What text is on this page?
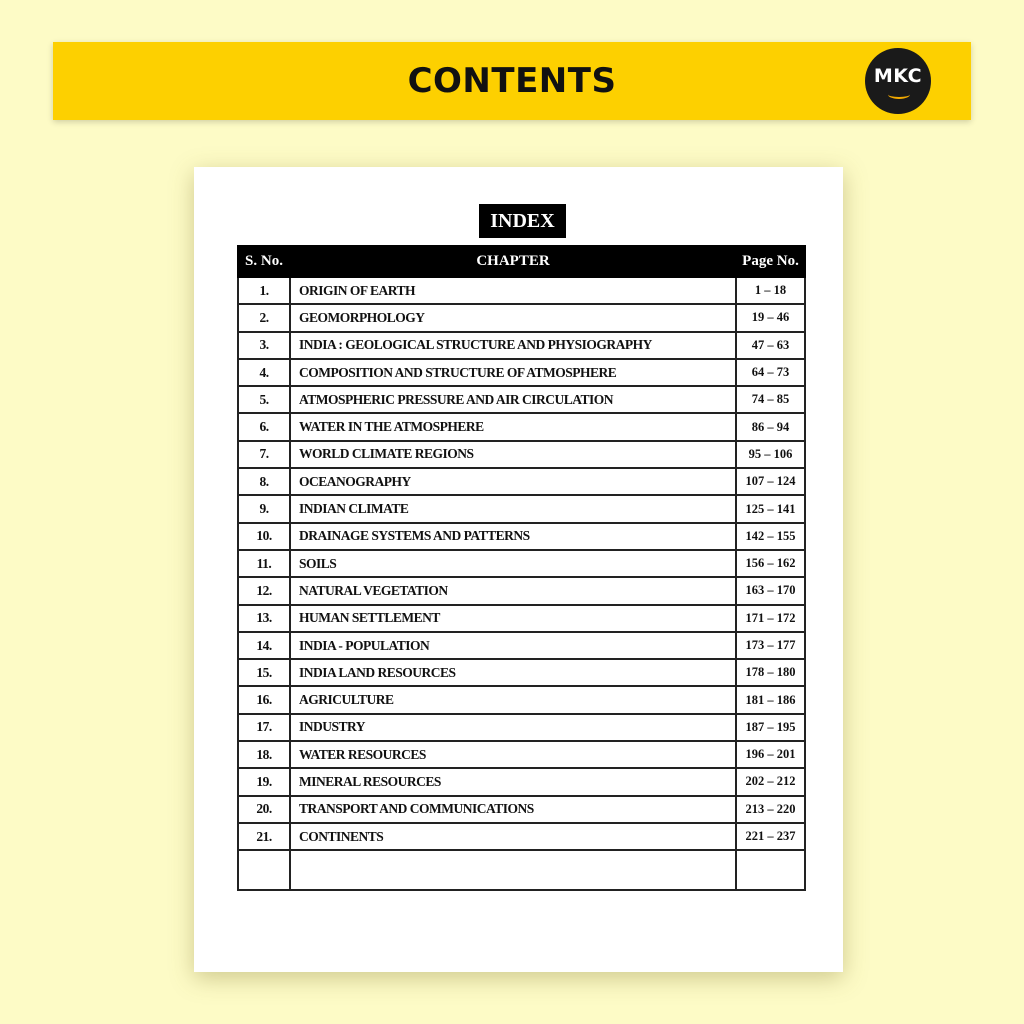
CONTENTS	MKC
INDEX
S. No.	CHAPTER	Page No.
1.	ORIGIN OF EARTH	1 – 18
2.	GEOMORPHOLOGY	19 – 46
3.	INDIA : GEOLOGICAL STRUCTURE AND PHYSIOGRAPHY	47 – 63
4.	COMPOSITION AND STRUCTURE OF ATMOSPHERE	64 – 73
5.	ATMOSPHERIC PRESSURE AND AIR CIRCULATION	74 – 85
6.	WATER IN THE ATMOSPHERE	86 – 94
7.	WORLD CLIMATE REGIONS	95 – 106
8.	OCEANOGRAPHY	107 – 124
9.	INDIAN CLIMATE	125 – 141
10.	DRAINAGE SYSTEMS AND PATTERNS	142 – 155
11.	SOILS	156 – 162
12.	NATURAL VEGETATION	163 – 170
13.	HUMAN SETTLEMENT	171 – 172
14.	INDIA - POPULATION	173 – 177
15.	INDIA LAND RESOURCES	178 – 180
16.	AGRICULTURE	181 – 186
17.	INDUSTRY	187 – 195
18.	WATER RESOURCES	196 – 201
19.	MINERAL RESOURCES	202 – 212
20.	TRANSPORT AND COMMUNICATIONS	213 – 220
21.	CONTINENTS	221 – 237
